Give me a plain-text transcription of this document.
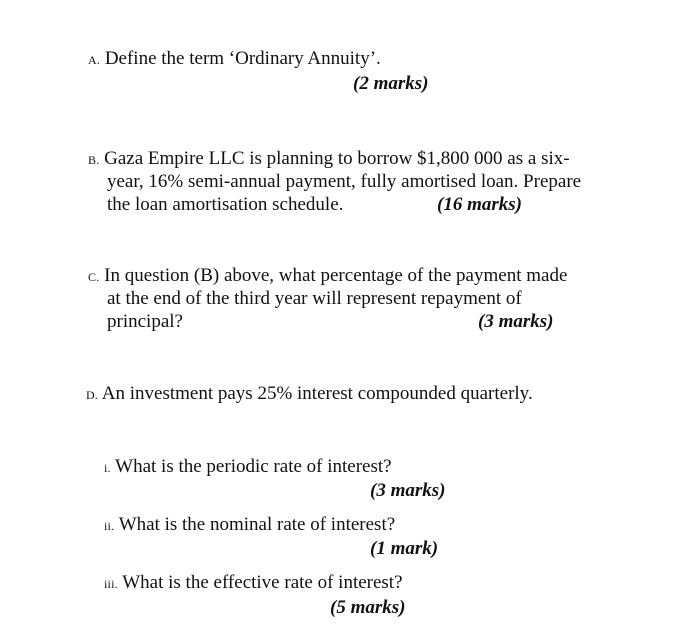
A. Define the term ‘Ordinary Annuity’.
(2 marks)
B. Gaza Empire LLC is planning to borrow $1,800 000 as a six-
year, 16% semi-annual payment, fully amortised loan. Prepare
the loan amortisation schedule.	(16 marks)
C. In question (B) above, what percentage of the payment made
at the end of the third year will represent repayment of
principal?	(3 marks)
D. An investment pays 25% interest compounded quarterly.
i. What is the periodic rate of interest?
(3 marks)
ii. What is the nominal rate of interest?
(1 mark)
iii. What is the effective rate of interest?
(5 marks)
